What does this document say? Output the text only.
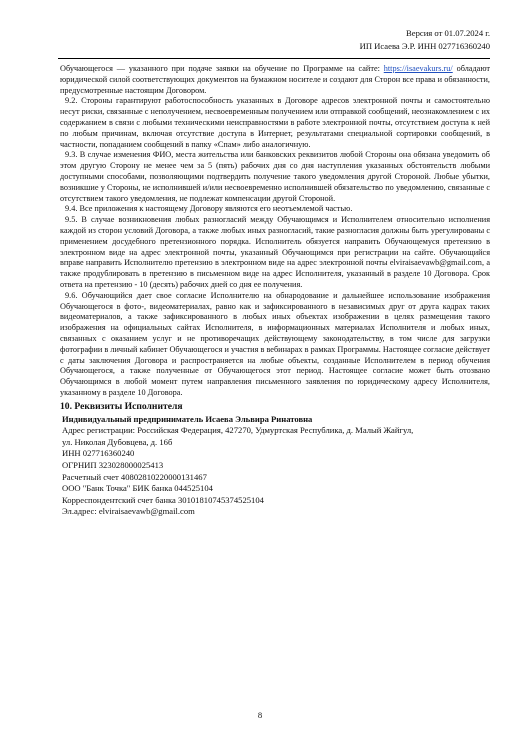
Версия от 01.07.2024 г.
ИП Исаева Э.Р. ИНН 027716360240

Обучающегося — указанного при подаче заявки на обучение по Программе на сайте: https://isaevakurs.ru/ обладают юридической силой соответствующих документов на бумажном носителе и создают для Сторон все права и обязанности, предусмотренные настоящим Договором.

9.2. Стороны гарантируют работоспособность указанных в Договоре адресов электронной почты и самостоятельно несут риски, связанные с неполучением, несвоевременным получением или отправкой сообщений, неознакомлением с их содержанием в связи с любыми техническими неисправностями в работе электронной почты, отсутствием доступа к ней по любым причинам, включая отсутствие доступа в Интернет, результатами специальной сортировки сообщений, в частности, попаданием сообщений в папку «Спам» либо аналогичную.

9.3. В случае изменения ФИО, места жительства или банковских реквизитов любой Стороны она обязана уведомить об этом другую Сторону не менее чем за 5 (пять) рабочих дня со дня наступления указанных обстоятельств любыми доступными способами, позволяющими подтвердить получение такого уведомления другой Стороной. Любые убытки, возникшие у Стороны, не исполнившей и/или несвоевременно исполнившей обязательство по уведомлению, связанные с отсутствием такого уведомления, не подлежат компенсации другой Стороной.

9.4. Все приложения к настоящему Договору являются его неотъемлемой частью.

9.5. В случае возникновения любых разногласий между Обучающимся и Исполнителем относительно исполнения каждой из сторон условий Договора, а также любых иных разногласий, такие разногласия должны быть урегулированы с применением досудебного претензионного порядка. Исполнитель обязуется направить Обучающемуся претензию в электронном виде на адрес электронной почты, указанный Обучающимся при регистрации на сайте. Обучающийся вправе направить Исполнителю претензию в электронном виде на адрес электронной почты elviraisaevawb@gmail.com, а также продублировать в претензию в письменном виде на адрес Исполнителя, указанный в разделе 10 Договора. Срок ответа на претензию - 10 (десять) рабочих дней со дня ее получения.

9.6. Обучающийся дает свое согласие Исполнителю на обнародование и дальнейшее использование изображения Обучающегося в фото-, видеоматериалах, равно как и зафиксированного в независимых друг от друга кадрах таких видеоматериалов, а также зафиксированного в любых иных объектах изображении в целях размещения такого изображения на официальных сайтах Исполнителя, в информационных материалах Исполнителя и любых иных, связанных с оказанием услуг и не противоречащих действующему законодательству, в том числе для загрузки фотографии в личный кабинет Обучающегося и участия в вебинарах в рамках Программы. Настоящее согласие действует с даты заключения Договора и распространяется на любые объекты, созданные Исполнителем в период обучения Обучающегося, а также полученные от Обучающегося этот период. Настоящее согласие может быть отозвано Обучающимся в любой момент путем направления письменного заявления по юридическому адресу Исполнителя, указанному в разделе 10 Договора.

10. Реквизиты Исполнителя
Индивидуальный предприниматель Исаева Эльвира Ринатовна
Адрес регистрации: Российская Федерация, 427270, Удмуртская Республика, д. Малый Жайгул,
ул. Николая Дубовцева, д. 16б
ИНН 027716360240
ОГРНИП 323028000025413
Расчетный счет 40802810220000131467
ООО "Банк Точка" БИК банка 044525104
Корреспондентский счет банка 30101810745374525104
Эл.адрес: elviraisaevawb@gmail.com
8
